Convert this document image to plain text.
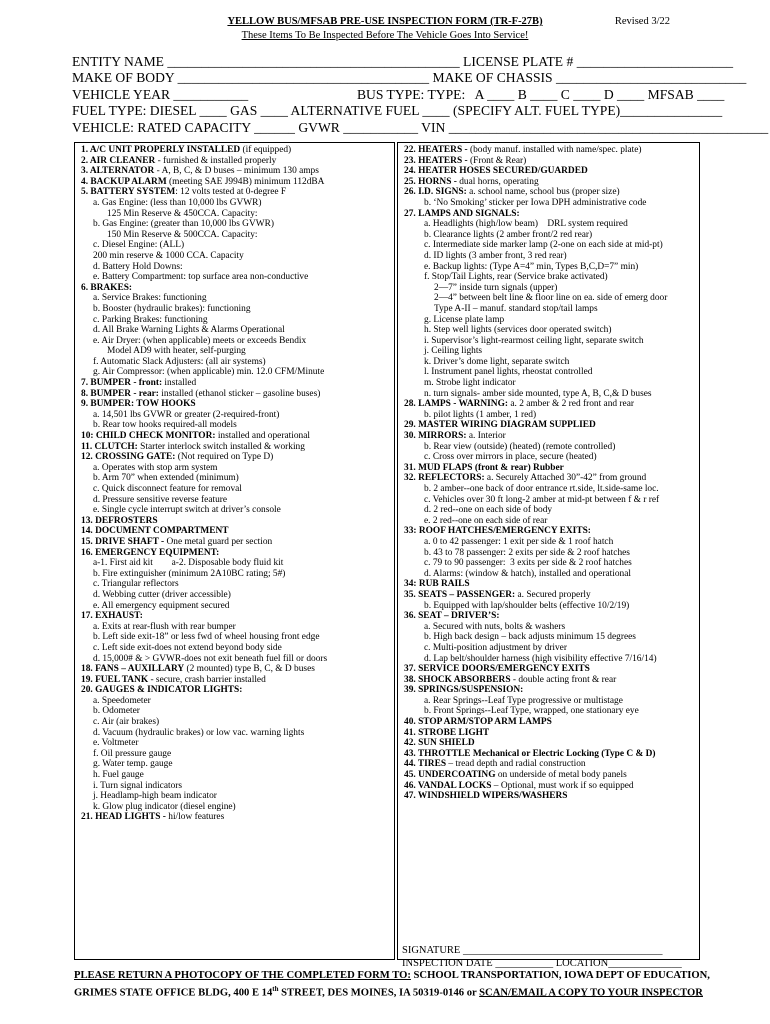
YELLOW BUS/MFSAB PRE-USE INSPECTION FORM (TR-F-27B)	Revised 3/22
These Items To Be Inspected Before The Vehicle Goes Into Service!
ENTITY NAME ___________________________________________ LICENSE PLATE # _______________________
MAKE OF BODY _____________________________________ MAKE OF CHASSIS ____________________________
VEHICLE YEAR ___________                                BUS TYPE: TYPE:   A ____ B ____ C ____ D ____ MFSAB ____
FUEL TYPE: DIESEL ____ GAS ____ ALTERNATIVE FUEL ____ (SPECIFY ALT. FUEL TYPE)_______________
VEHICLE: RATED CAPACITY ______ GVWR ___________ VIN _______________________________________________
1. A/C UNIT PROPERLY INSTALLED (if equipped)
2. AIR CLEANER - furnished & installed properly
3. ALTERNATOR - A, B, C, & D buses – minimum 130 amps
4. BACKUP ALARM (meeting SAE J994B) minimum 112dBA
5. BATTERY SYSTEM: 12 volts tested at 0-degree F
a. Gas Engine: (less than 10,000 lbs GVWR)
125 Min Reserve & 450CCA. Capacity:
b. Gas Engine: (greater than 10,000 lbs GVWR)
150 Min Reserve & 500CCA. Capacity:
c. Diesel Engine: (ALL)
200 min reserve & 1000 CCA. Capacity
d. Battery Hold Downs:
e. Battery Compartment: top surface area non-conductive
6. BRAKES:
a. Service Brakes: functioning
b. Booster (hydraulic brakes): functioning
c. Parking Brakes: functioning
d. All Brake Warning Lights & Alarms Operational
e. Air Dryer: (when applicable) meets or exceeds Bendix
Model AD9 with heater, self-purging
f. Automatic Slack Adjusters: (all air systems)
g. Air Compressor: (when applicable) min. 12.0 CFM/Minute
7. BUMPER - front: installed
8. BUMPER - rear: installed (ethanol sticker – gasoline buses)
9. BUMPER: TOW HOOKS
a. 14,501 lbs GVWR or greater (2-required-front)
b. Rear tow hooks required-all models
10: CHILD CHECK MONITOR: installed and operational
11. CLUTCH: Starter interlock switch installed & working
12. CROSSING GATE: (Not required on Type D)
a. Operates with stop arm system
b. Arm 70” when extended (minimum)
c. Quick disconnect feature for removal
d. Pressure sensitive reverse feature
e. Single cycle interrupt switch at driver’s console
13. DEFROSTERS
14. DOCUMENT COMPARTMENT
15. DRIVE SHAFT - One metal guard per section
16. EMERGENCY EQUIPMENT:
a-1. First aid kit        a-2. Disposable body fluid kit
b. Fire extinguisher (minimum 2A10BC rating; 5#)
c. Triangular reflectors
d. Webbing cutter (driver accessible)
e. All emergency equipment secured
17. EXHAUST:
a. Exits at rear-flush with rear bumper
b. Left side exit-18” or less fwd of wheel housing front edge
c. Left side exit-does not extend beyond body side
d. 15,000# & > GVWR-does not exit beneath fuel fill or doors
18. FANS – AUXILLARY (2 mounted) type B, C, & D buses
19. FUEL TANK - secure, crash barrier installed
20. GAUGES & INDICATOR LIGHTS:
a. Speedometer
b. Odometer
c. Air (air brakes)
d. Vacuum (hydraulic brakes) or low vac. warning lights
e. Voltmeter
f. Oil pressure gauge
g. Water temp. gauge
h. Fuel gauge
i. Turn signal indicators
j. Headlamp-high beam indicator
k. Glow plug indicator (diesel engine)
21. HEAD LIGHTS - hi/low features
22. HEATERS - (body manuf. installed with name/spec. plate)
23. HEATERS - (Front & Rear)
24. HEATER HOSES SECURED/GUARDED
25. HORNS - dual horns, operating
26. I.D. SIGNS: a. school name, school bus (proper size)
b. ‘No Smoking’ sticker per Iowa DPH administrative code
27. LAMPS AND SIGNALS:
a. Headlights (high/low beam)    DRL system required
b. Clearance lights (2 amber front/2 red rear)
c. Intermediate side marker lamp (2-one on each side at mid-pt)
d. ID lights (3 amber front, 3 red rear)
e. Backup lights: (Type A=4” min, Types B,C,D=7” min)
f. Stop/Tail Lights, rear (Service brake activated)
2—7” inside turn signals (upper)
2—4” between belt line & floor line on ea. side of emerg door
Type A-II – manuf. standard stop/tail lamps
g. License plate lamp
h. Step well lights (services door operated switch)
i. Supervisor’s light-rearmost ceiling light, separate switch
j. Ceiling lights
k. Driver’s dome light, separate switch
l. Instrument panel lights, rheostat controlled
m. Strobe light indicator
n. turn signals- amber side mounted, type A, B, C,& D buses
28. LAMPS - WARNING: a. 2 amber & 2 red front and rear
b. pilot lights (1 amber, 1 red)
29. MASTER WIRING DIAGRAM SUPPLIED
30. MIRRORS: a. Interior
b. Rear view (outside) (heated) (remote controlled)
c. Cross over mirrors in place, secure (heated)
31. MUD FLAPS (front & rear) Rubber
32. REFLECTORS: a. Securely Attached 30”-42” from ground
b. 2 amber--one back of door entrance rt.side, lt.side-same loc.
c. Vehicles over 30 ft long-2 amber at mid-pt between f & r ref
d. 2 red--one on each side of body
e. 2 red--one on each side of rear
33: ROOF HATCHES/EMERGENCY EXITS:
a. 0 to 42 passenger: 1 exit per side & 1 roof hatch
b. 43 to 78 passenger: 2 exits per side & 2 roof hatches
c. 79 to 90 passenger:  3 exits per side & 2 roof hatches
d. Alarms: (window & hatch), installed and operational
34: RUB RAILS
35. SEATS – PASSENGER: a. Secured properly
b. Equipped with lap/shoulder belts (effective 10/2/19)
36. SEAT – DRIVER’S:
a. Secured with nuts, bolts & washers
b. High back design – back adjusts minimum 15 degrees
c. Multi-position adjustment by driver
d. Lap belt/shoulder harness (high visibility effective 7/16/14)
37. SERVICE DOORS/EMERGENCY EXITS
38. SHOCK ABSORBERS - double acting front & rear
39. SPRINGS/SUSPENSION:
a. Rear Springs--Leaf Type progressive or multistage
b. Front Springs--Leaf Type, wrapped, one stationary eye
40. STOP ARM/STOP ARM LAMPS
41. STROBE LIGHT
42. SUN SHIELD
43. THROTTLE Mechanical or Electric Locking (Type C & D)
44. TIRES – tread depth and radial construction
45. UNDERCOATING on underside of metal body panels
46. VANDAL LOCKS – Optional, must work if so equipped
47. WINDSHIELD WIPERS/WASHERS
SIGNATURE ______________________________________
INSPECTION DATE ___________ LOCATION______________
PLEASE RETURN A PHOTOCOPY OF THE COMPLETED FORM TO: SCHOOL TRANSPORTATION, IOWA DEPT OF EDUCATION,
GRIMES STATE OFFICE BLDG, 400 E 14th STREET, DES MOINES, IA 50319-0146 or SCAN/EMAIL A COPY TO YOUR INSPECTOR
